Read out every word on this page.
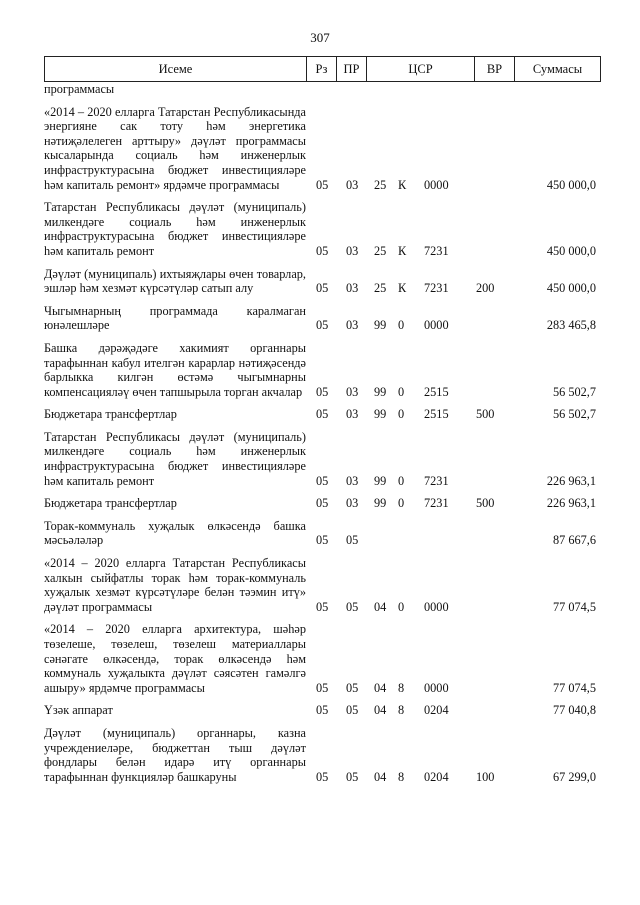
307
Исеме	Рз	ПР	ЦСР	ВР	Суммасы
программасы
«2014 – 2020 елларга Татарстан Республикасында энергияне сак тоту һәм энергетика нәтиҗәлелеген арттыру» дәүләт программасы кысаларында социаль һәм инженерлык инфраструктурасына бюджет инвестицияләре һәм капиталь ремонт» ярдәмче программасы	05	03	25 К	0000	450 000,0
Татарстан Республикасы дәүләт (муниципаль) милкендәге социаль һәм инженерлык инфраструктурасына бюджет инвестицияләре һәм капиталь ремонт	05	03	25 К	7231	450 000,0
Дәүләт (муниципаль) ихтыяҗлары өчен товарлар, эшләр һәм хезмәт күрсәтүләр сатып алу	05	03	25 К	7231	200	450 000,0
Чыгымнарның программада каралмаган юнәлешләре	05	03	99 0	0000	283 465,8
Башка дәрәҗәдәге хакимият органнары тарафыннан кабул ителгән карарлар нәтиҗәсендә барлыкка килгән өстәмә чыгымнарны компенсацияләү өчен тапшырыла торган акчалар	05	03	99 0	2515	56 502,7
Бюджетара трансфертлар	05	03	99 0	2515	500	56 502,7
Татарстан Республикасы дәүләт (муниципаль) милкендәге социаль һәм инженерлык инфраструктурасына бюджет инвестицияләре һәм капиталь ремонт	05	03	99 0	7231	226 963,1
Бюджетара трансфертлар	05	03	99 0	7231	500	226 963,1
Торак-коммуналь хуҗалык өлкәсендә башка мәсьәләләр	05	05	87 667,6
«2014 – 2020 елларга Татарстан Республикасы халкын сыйфатлы торак һәм торак-коммуналь хуҗалык хезмәт күрсәтүләре белән тәэмин итү» дәүләт программасы	05	05	04 0	0000	77 074,5
«2014 – 2020 елларга архитектура, шәһәр төзелеше, төзелеш, төзелеш материаллары сәнәгате өлкәсендә, торак өлкәсендә һәм коммуналь хуҗалыкта дәүләт сәясәтен гамәлгә ашыру» ярдәмче программасы	05	05	04 8	0000	77 074,5
Үзәк аппарат	05	05	04 8	0204	77 040,8
Дәүләт (муниципаль) органнары, казна учреждениеләре, бюджеттан тыш дәүләт фондлары белән идарә итү органнары тарафыннан функцияләр башкаруны	05	05	04 8	0204	100	67 299,0
